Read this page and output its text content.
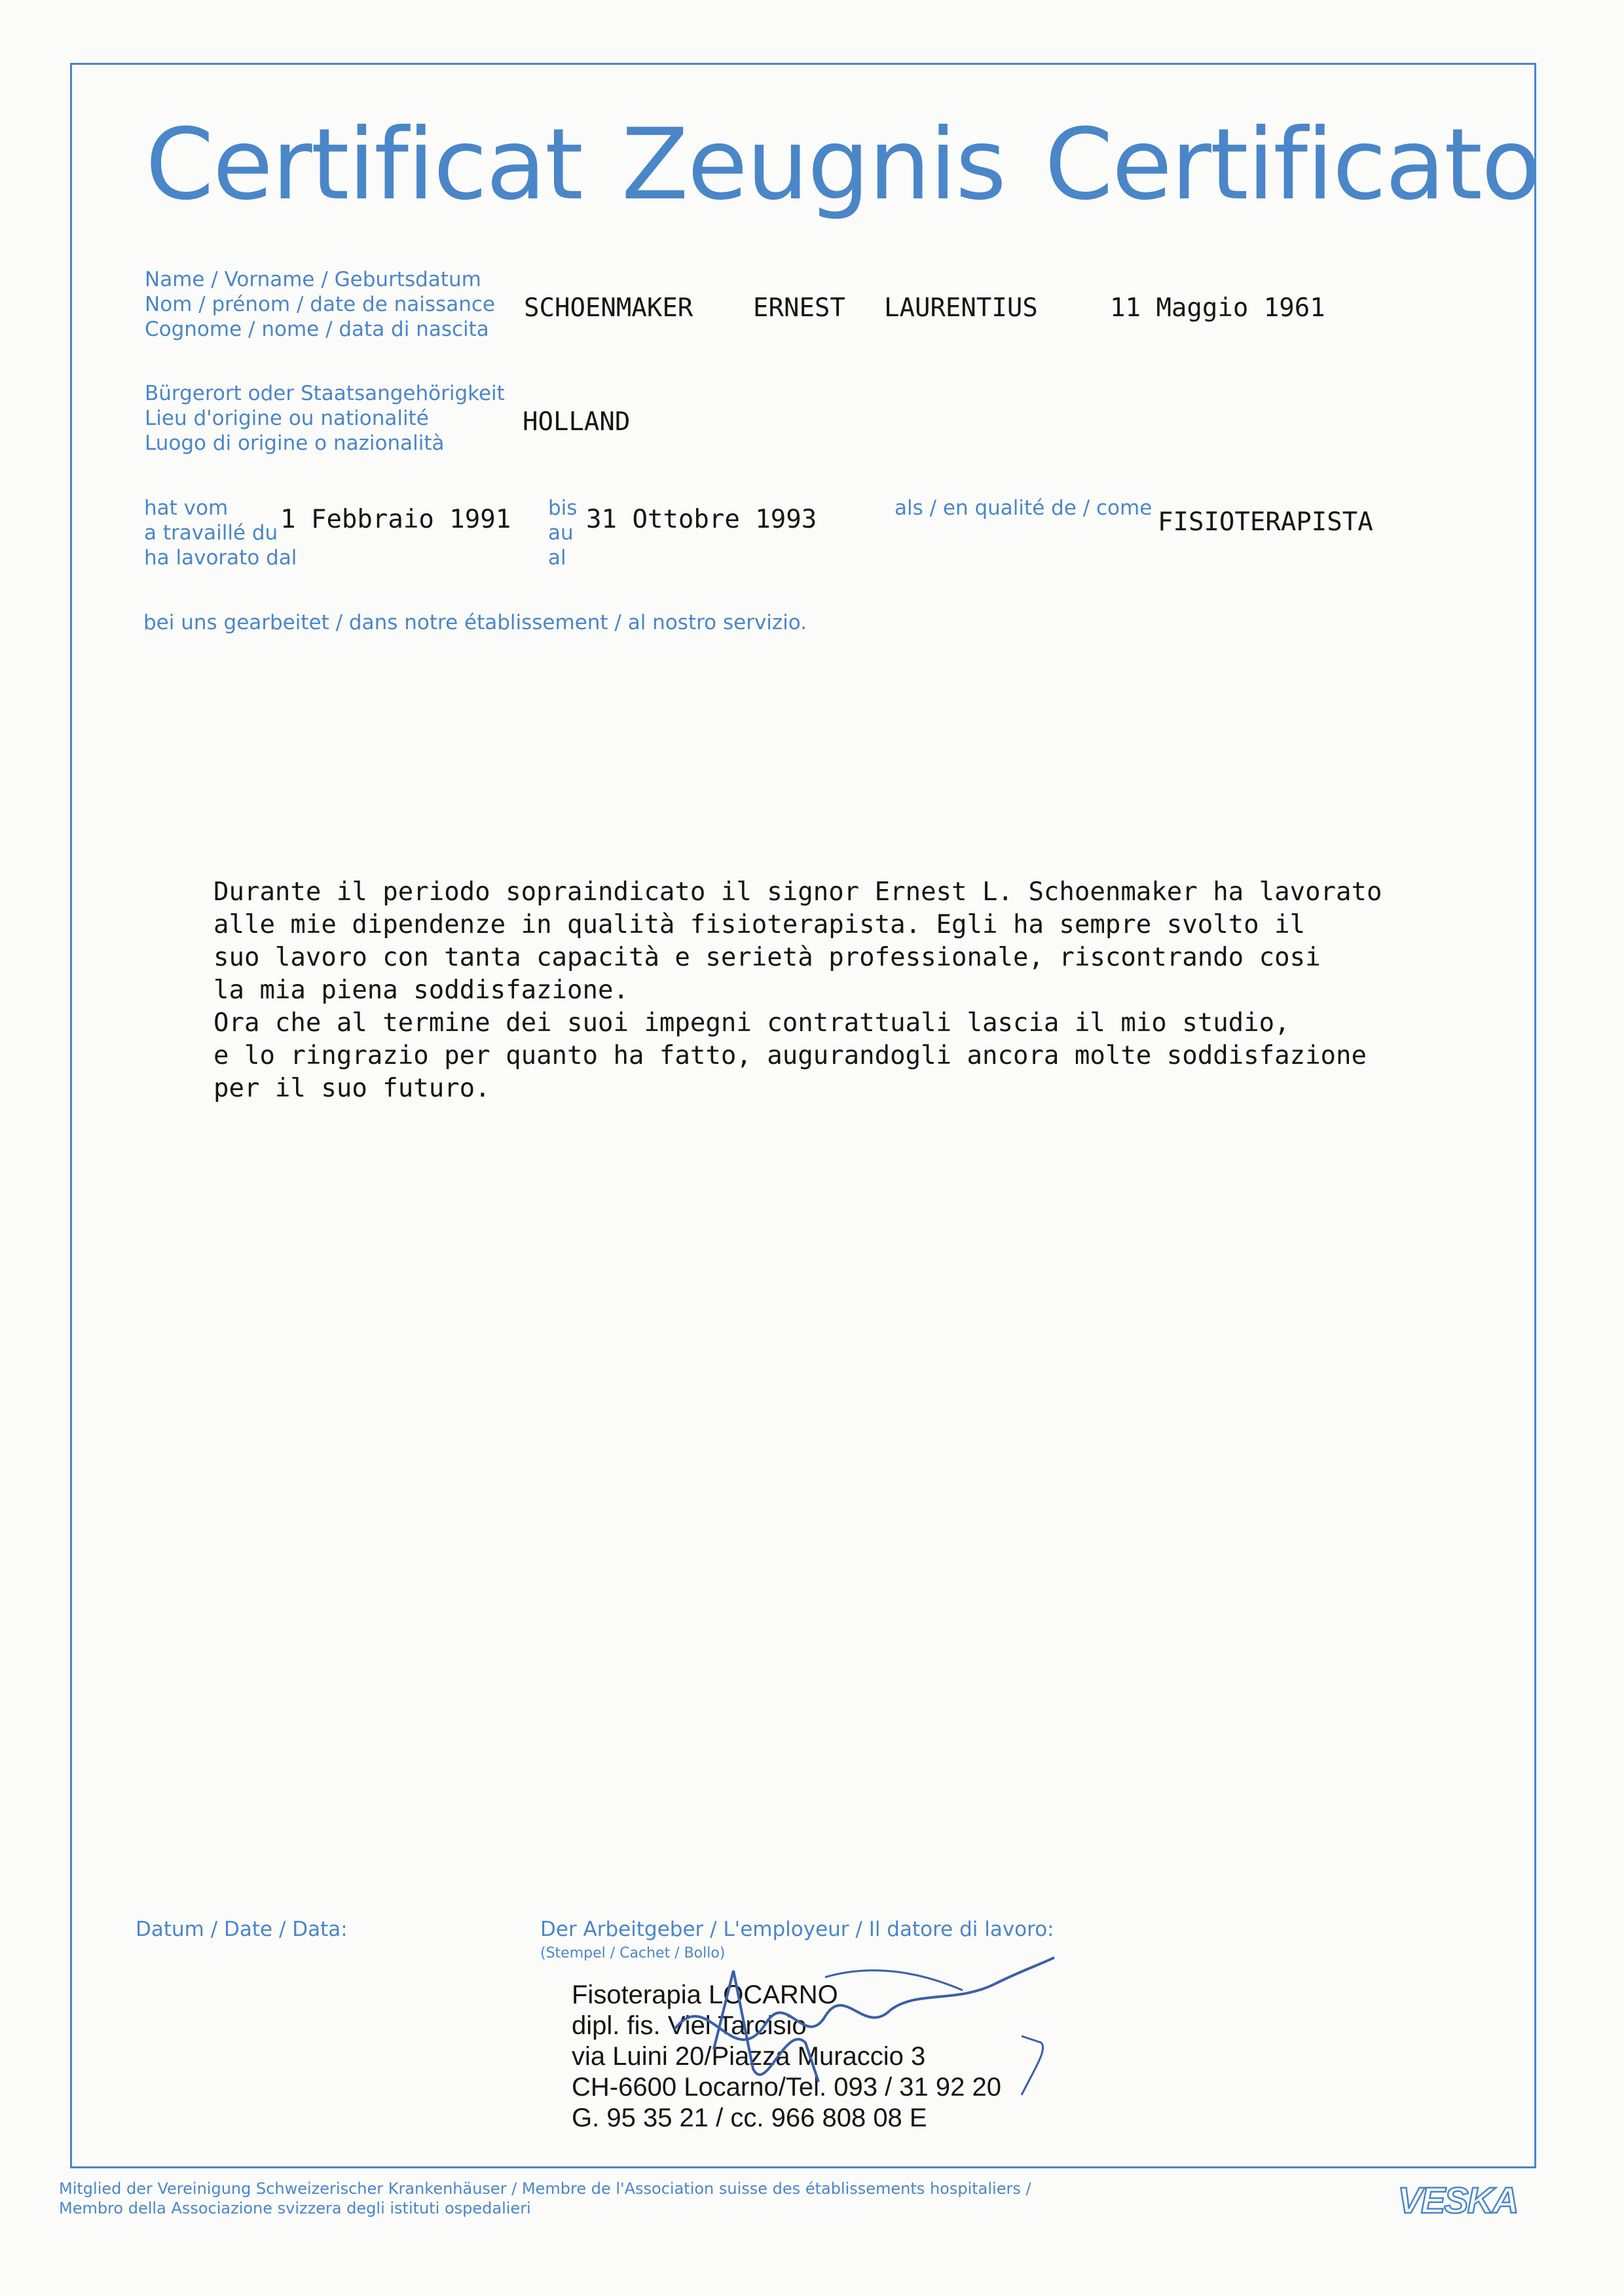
Certificat Zeugnis Certificato
Name / Vorname / Geburtsdatum
Nom / prénom / date de naissance
Cognome / nome / data di nascita
SCHOENMAKER ERNEST LAURENTIUS	11 Maggio 1961
Bürgerort oder Staatsangehörigkeit
Lieu d'origine ou nationalité
Luogo di origine o nazionalità
HOLLAND
hat vom
a travaillé du
ha lavorato dal
1 Febbraio 1991 bis
au
al
31 Ottobre 1993	als / en qualité de / come FISIOTERAPISTA
bei uns gearbeitet / dans notre établissement / al nostro servizio.
Durante il periodo sopraindicato il signor Ernest L. Schoenmaker ha lavorato
alle mie dipendenze in qualità fisioterapista. Egli ha sempre svolto il
suo lavoro con tanta capacità e serietà professionale, riscontrando cosi
la mia piena soddisfazione.
Ora che al termine dei suoi impegni contrattuali lascia il mio studio,
e lo ringrazio per quanto ha fatto, augurandogli ancora molte soddisfazione
per il suo futuro.
Datum / Date / Data:	Der Arbeitgeber / L'employeur / Il datore di lavoro:
(Stempel / Cachet / Bollo)
Fisoterapia LOCARNO
dipl. fis. Viel Tarcisio
via Luini 20/Piazza Muraccio 3
CH-6600 Locarno/Tel. 093 / 31 92 20
G. 95 35 21 / cc. 966 808 08 E
Mitglied der Vereinigung Schweizerischer Krankenhäuser / Membre de l'Association suisse des établissements hospitaliers /
Membro della Associazione svizzera degli istituti ospedalieri	VESKA
